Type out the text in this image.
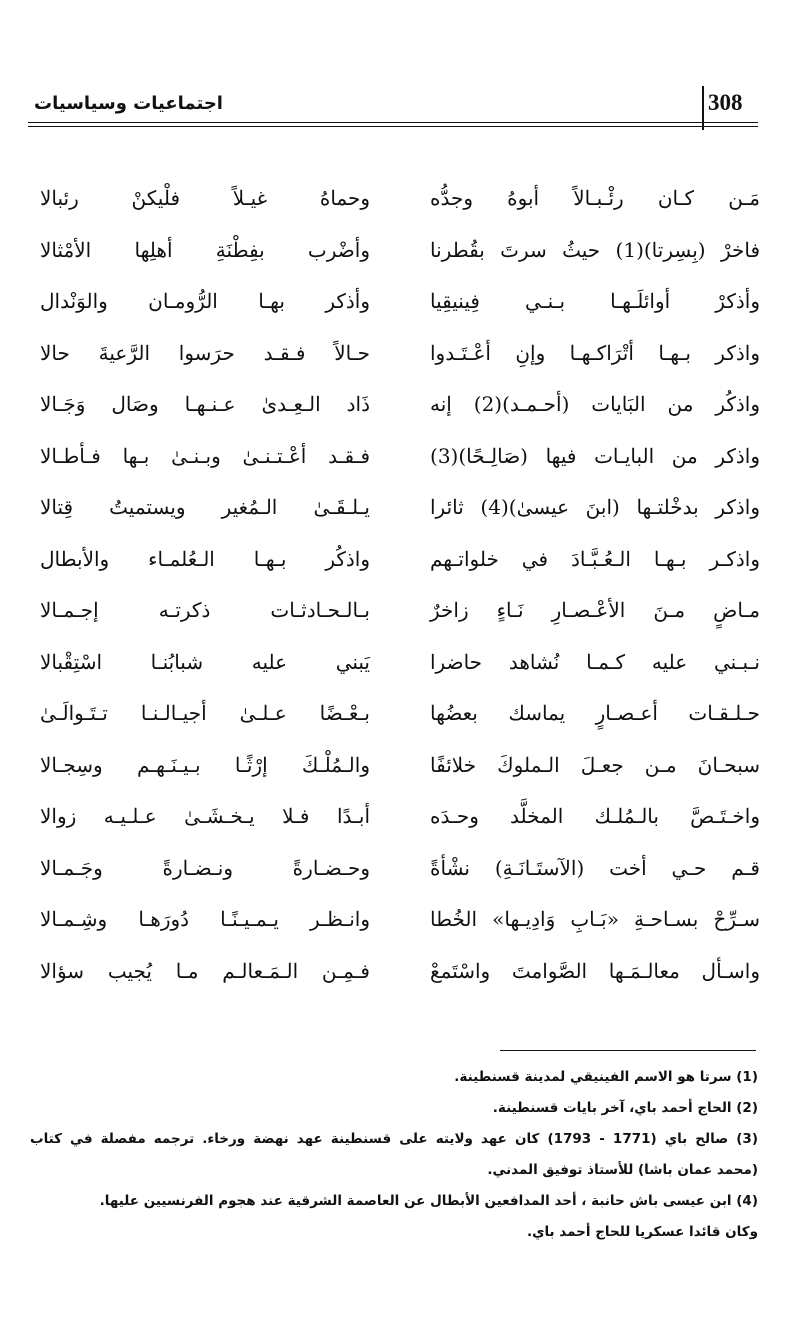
308
اجتماعيات وسياسيات
مَـن كـان رئْـبـالاً أبوهُ وجدُّه
وحماهُ غيـلاً فلْيكنْ رئبالا
فاخرْ (بِسِرتا)(1) حيثُ سرتَ بقُطرنا
وأضْرب بفِطْنَةِ أهلِها الأمْثالا
وأذكرْ أوائلَـهـا بـنـي فِينيقِيا
وأذكر بهـا الرُّومـان والوَنْدال
واذكر بـهـا أتْرَاكـهـا وإنِ أعْـتَـدوا
حـالاً فـقـد حرَسوا الرَّعيةَ حالا
واذكُر من البَايات (أحـمـد)(2) إنه
ذَاد الـعِـدىٰ عـنـهـا وصَال وَجَـالا
واذكر من البايـات فيها (صَالِـحًا)(3)
فـقـد أعْـتـنـىٰ وبـنـىٰ بـها فـأطـالا
واذكر بدخْلتـها (ابنَ عيسىٰ)(4) ثائرا
يـلـقَـىٰ الـمُغير ويستميتُ قِتالا
واذكـر بـهـا الـعُـبَّـادَ في خلواتـهم
واذكُر بـهـا الـعُلمـاء والأبطال
مـاضٍ مـنَ الأعْـصـارِ نَـاءٍ زاخرٌ
بـالـحـادثـات ذكرتـه إجـمـالا
نـبـني عليه كـمـا نُشاهد حاضرا
يَبني عليه شبابُنـا اسْتِقْبالا
حـلـقـات أعـصـارٍ يماسك بعضُها
بـعْـضًا عـلـىٰ أجيـالـنـا تـتَـوالَـىٰ
سبحـانَ مـن جعـلَ الـملوكَ خلائفًا
والـمُلْـكَ إرْثًـا بـيـنَـهـم وسِجـالا
واخـتَـصَّ بالـمُلـك المخلَّد وحـدَه
أبـدًا فـلا يـخـشَـىٰ عـلـيـه زوالا
قـم حـي أخت (الآستَـانَـةِ) نشْأةً
وحـضـارةً ونـضـارةً وجَـمـالا
سـرِّحْ بسـاحـةِ «بَـابِ وَادِيـها» الخُطا
وانـظـر يـمـيـنًـا دُورَهـا وشِـمـالا
واسـأل معالـمَـها الصَّوامتَ واسْتَمعْ
فـمِـن الـمَـعالـم مـا يُجيب سؤالا
(1) سرتا هو الاسم الفينيقي لمدينة قسنطينة.
(2) الحاج أحمد باي، آخر بايات قسنطينة.
(3) صالح باي (1771 - 1793) كان عهد ولايته على قسنطينة عهد نهضة ورخاء. ترجمه مفصلة في كتاب
(محمد عمان باشا) للأستاذ توفيق المدني.
(4) ابن عيسى باش حانبة ، أحد المدافعين الأبطال عن العاصمة الشرقية عند هجوم الفرنسيين عليها.
وكان قائدا عسكريا للحاج أحمد باي.
